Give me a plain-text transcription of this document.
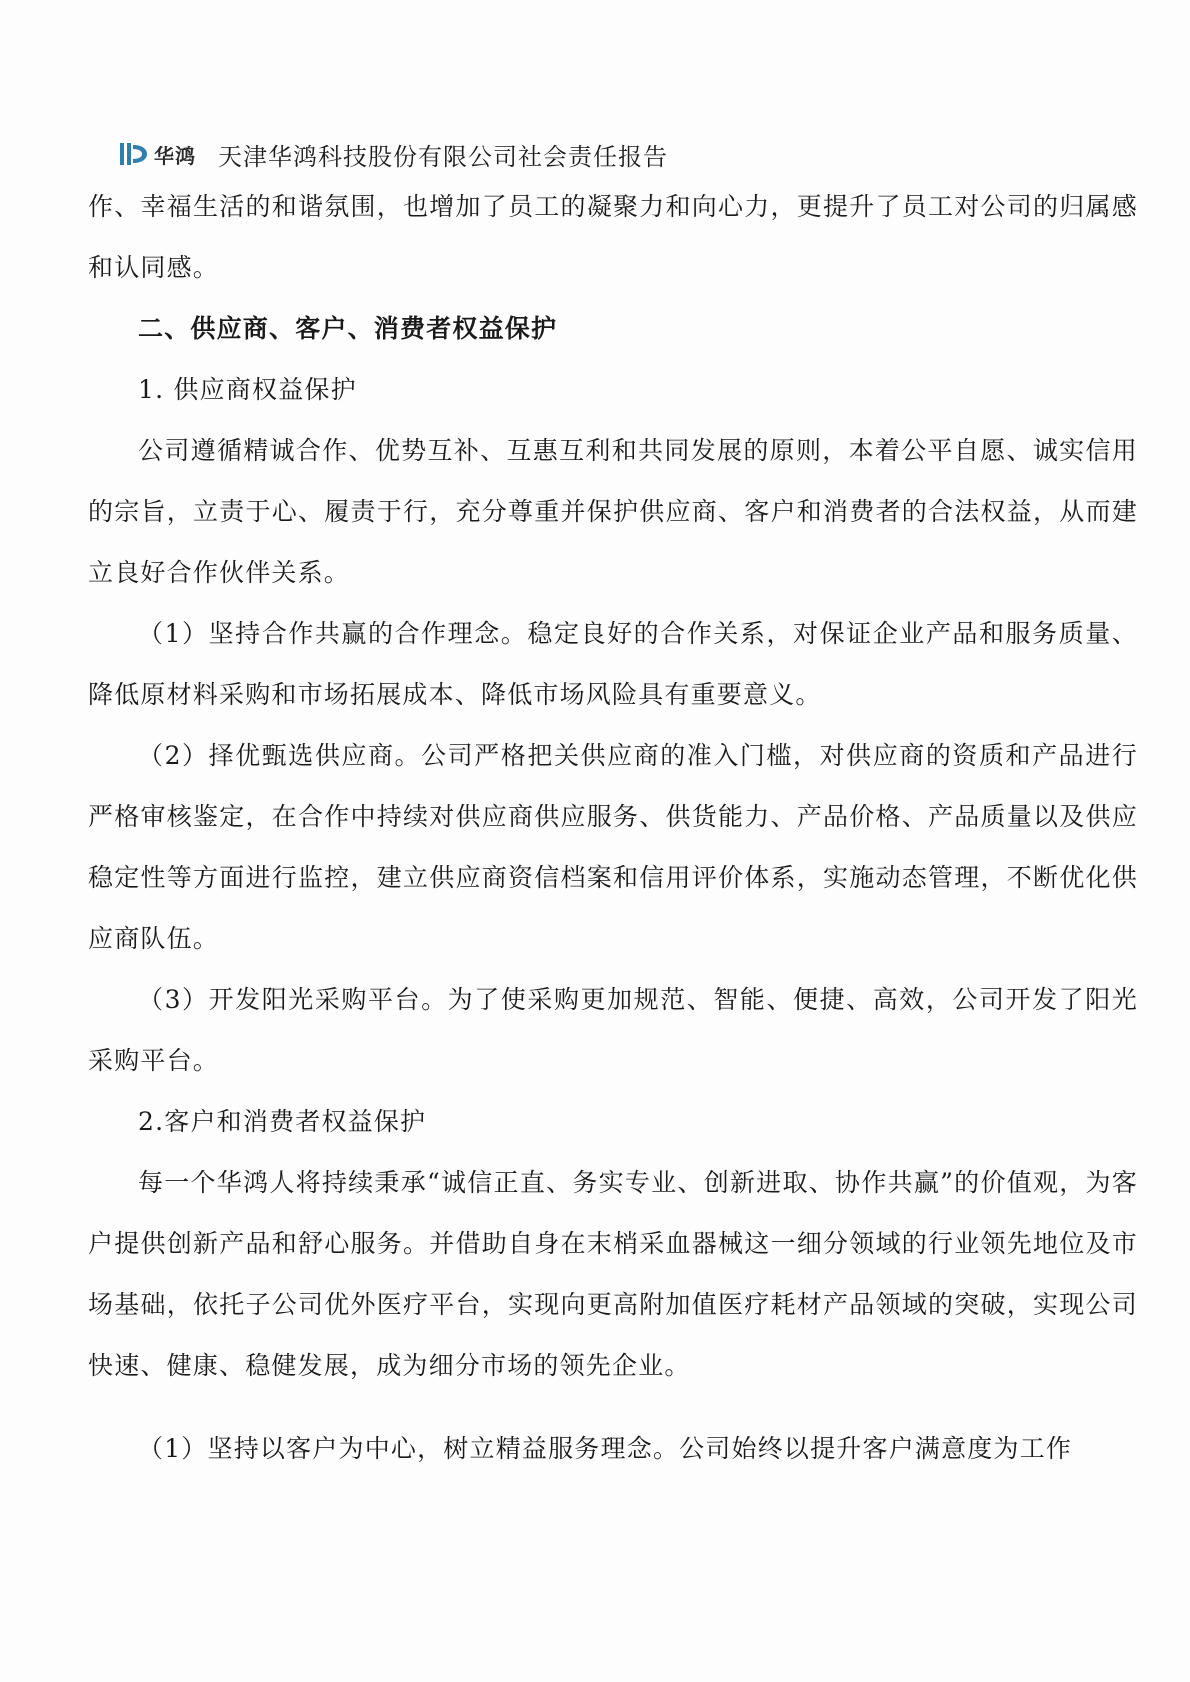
华鸿 天津华鸿科技股份有限公司社会责任报告

作、幸福生活的和谐氛围，也增加了员工的凝聚力和向心力，更提升了员工对公司的归属感和认同感。

二、供应商、客户、消费者权益保护

1. 供应商权益保护

公司遵循精诚合作、优势互补、互惠互利和共同发展的原则，本着公平自愿、诚实信用的宗旨，立责于心、履责于行，充分尊重并保护供应商、客户和消费者的合法权益，从而建立良好合作伙伴关系。

（1）坚持合作共赢的合作理念。稳定良好的合作关系，对保证企业产品和服务质量、降低原材料采购和市场拓展成本、降低市场风险具有重要意义。

（2）择优甄选供应商。公司严格把关供应商的准入门槛，对供应商的资质和产品进行严格审核鉴定，在合作中持续对供应商供应服务、供货能力、产品价格、产品质量以及供应稳定性等方面进行监控，建立供应商资信档案和信用评价体系，实施动态管理，不断优化供应商队伍。

（3）开发阳光采购平台。为了使采购更加规范、智能、便捷、高效，公司开发了阳光采购平台。

2.客户和消费者权益保护

每一个华鸿人将持续秉承“诚信正直、务实专业、创新进取、协作共赢”的价值观，为客户提供创新产品和舒心服务。并借助自身在末梢采血器械这一细分领域的行业领先地位及市场基础，依托子公司优外医疗平台，实现向更高附加值医疗耗材产品领域的突破，实现公司快速、健康、稳健发展，成为细分市场的领先企业。

（1）坚持以客户为中心，树立精益服务理念。公司始终以提升客户满意度为工作
